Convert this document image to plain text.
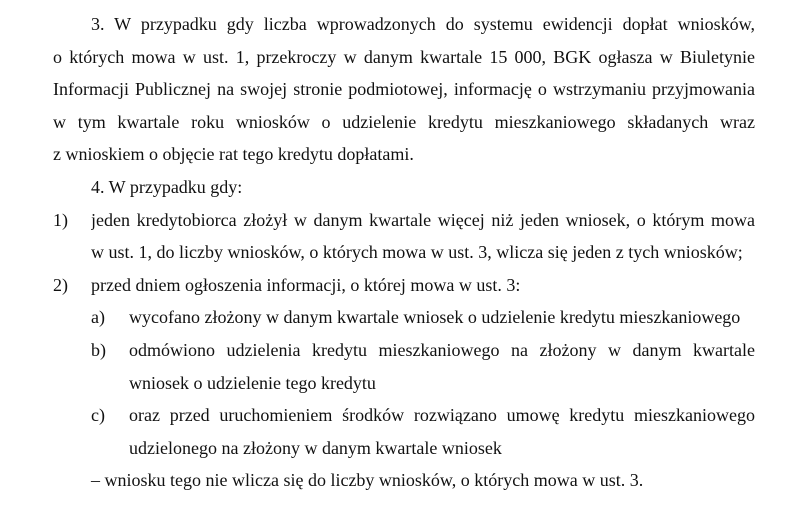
3. W przypadku gdy liczba wprowadzonych do systemu ewidencji dopłat wniosków,
o których mowa w ust. 1, przekroczy w danym kwartale 15 000, BGK ogłasza w Biuletynie
Informacji Publicznej na swojej stronie podmiotowej, informację o wstrzymaniu przyjmowania
w tym kwartale roku wniosków o udzielenie kredytu mieszkaniowego składanych wraz
z wnioskiem o objęcie rat tego kredytu dopłatami.
4. W przypadku gdy:
1) jeden kredytobiorca złożył w danym kwartale więcej niż jeden wniosek, o którym mowa
w ust. 1, do liczby wniosków, o których mowa w ust. 3, wlicza się jeden z tych wniosków;
2) przed dniem ogłoszenia informacji, o której mowa w ust. 3:
a) wycofano złożony w danym kwartale wniosek o udzielenie kredytu mieszkaniowego
b) odmówiono udzielenia kredytu mieszkaniowego na złożony w danym kwartale
wniosek o udzielenie tego kredytu
c) oraz przed uruchomieniem środków rozwiązano umowę kredytu mieszkaniowego
udzielonego na złożony w danym kwartale wniosek
– wniosku tego nie wlicza się do liczby wniosków, o których mowa w ust. 3.
